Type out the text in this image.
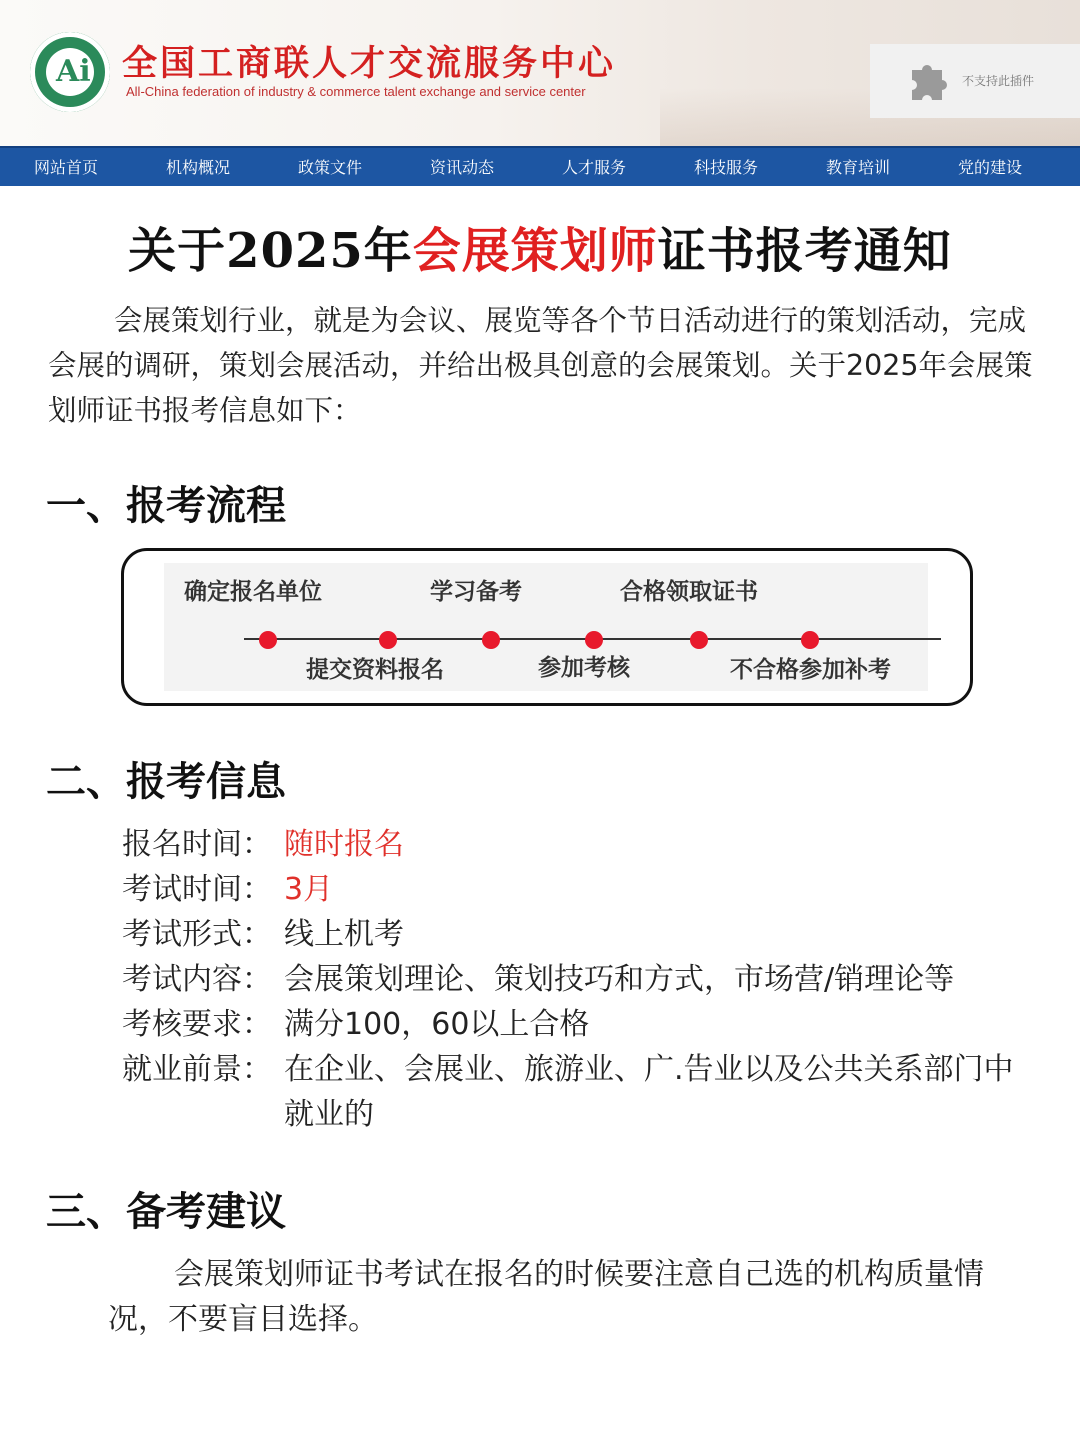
Ai 全国工商联人才交流服务中心
All-China federation of industry & commerce talent exchange and service center
不支持此插件
网站首页	机构概况	政策文件	资讯动态	人才服务	科技服务	教育培训	党的建设
关于2025年会展策划师证书报考通知
会展策划行业，就是为会议、展览等各个节日活动进行的策划活动，完成会展的调研，策划会展活动，并给出极具创意的会展策划。关于2025年会展策划师证书报考信息如下：
一、报考流程
确定报名单位
提交资料报名
学习备考
参加考核
合格领取证书
不合格参加补考
二、报考信息
报名时间： 随时报名
考试时间： 3月
考试形式： 线上机考
考试内容： 会展策划理论、策划技巧和方式，市场营/销理论等
考核要求： 满分100，60以上合格
就业前景： 在企业、会展业、旅游业、广.告业以及公共关系部门中就业的
三、备考建议
会展策划师证书考试在报名的时候要注意自己选的机构质量情况，不要盲目选择。
